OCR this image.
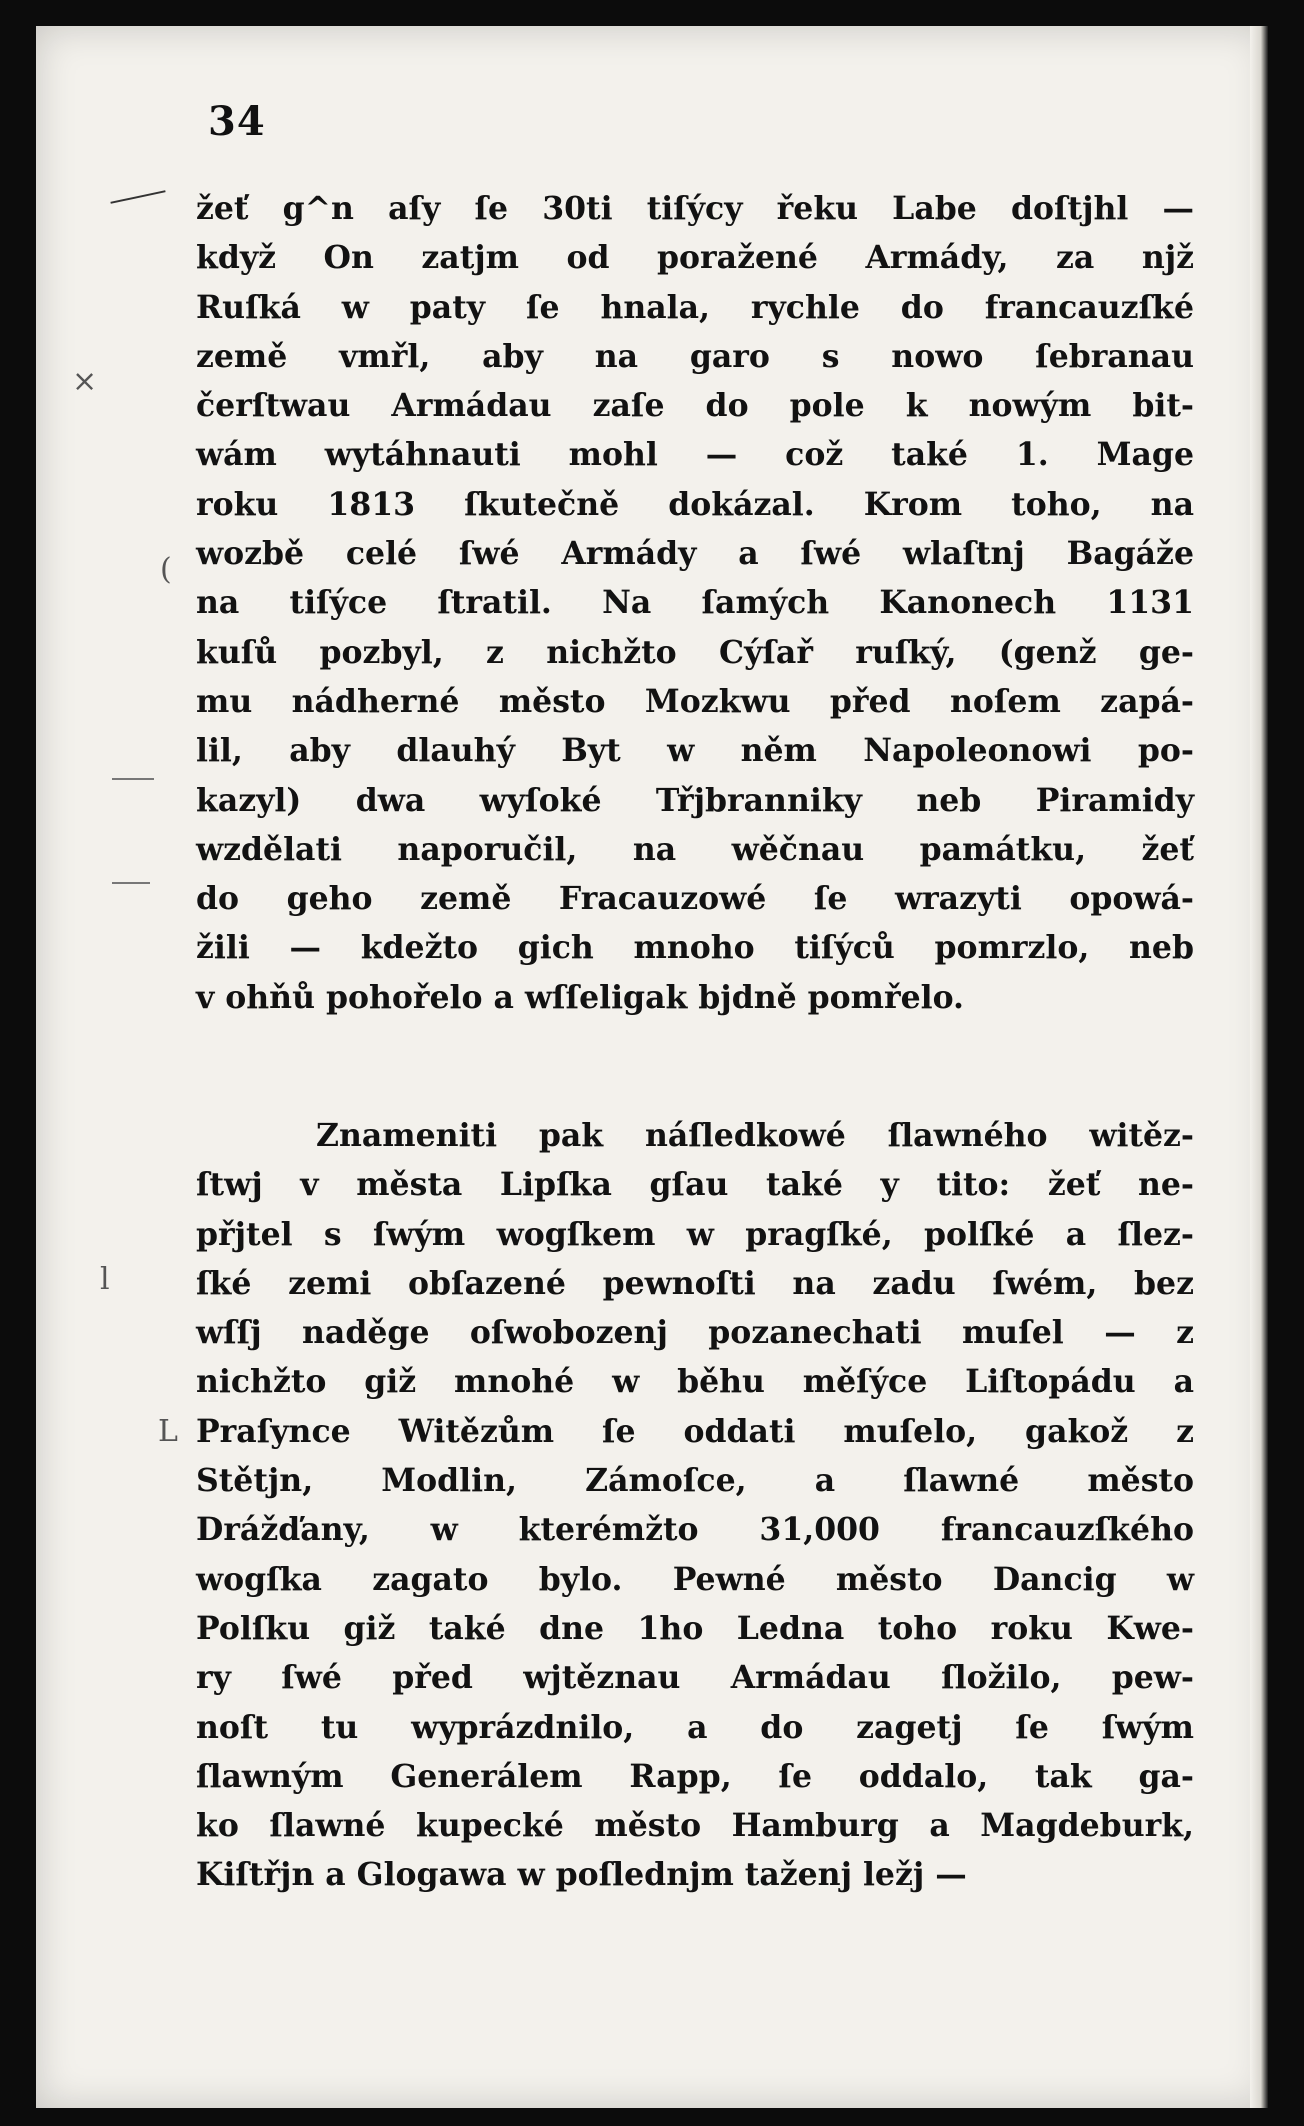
×
(
l
L
34

žeť g^n aſy ſe 30ti tiſýcy řeku Labe doſtjhl —
když On zatjm od poražené Armády, za njž
Ruſká w paty ſe hnala, rychle do francauzſké
země vmřl, aby na garo s nowo ſebranau
čerſtwau Armádau zaſe do pole k nowým bit-
wám wytáhnauti mohl — což také 1. Mage
roku 1813 ſkutečně dokázal. Krom toho, na
wozbě celé ſwé Armády a ſwé wlaſtnj Bagáže
na tiſýce ſtratil. Na ſamých Kanonech 1131
kuſů pozbyl, z nichžto Cýſař ruſký, (genž ge-
mu nádherné město Mozkwu před noſem zapá-
lil, aby dlauhý Byt w něm Napoleonowi po-
kazyl) dwa wyſoké Třjbranniky neb Piramidy
wzdělati naporučil, na wěčnau památku, žeť
do geho země Fracauzowé ſe wrazyti opowá-
žili — kdežto gich mnoho tiſýců pomrzlo, neb
v ohňů pohořelo a wſſeligak bjdně pomřelo.

Znameniti pak náſledkowé ſlawného witěz-
ſtwj v města Lipſka gſau také y tito: žeť ne-
přjtel s ſwým wogſkem w pragſké, polſké a ſlez-
ſké zemi obſazené pewnoſti na zadu ſwém, bez
wſſj naděge oſwobozenj pozanechati muſel — z
nichžto giž mnohé w běhu měſýce Liſtopádu a
Praſynce Witězům ſe oddati muſelo, gakož z
Stětjn, Modlin, Zámoſce, a ſlawné město
Drážďany, w kterémžto 31,000 francauzſkého
wogſka zagato bylo. Pewné město Dancig w
Polſku giž také dne 1ho Ledna toho roku Kwe-
ry ſwé před wjtěznau Armádau ſložilo, pew-
noſt tu wyprázdnilo, a do zagetj ſe ſwým
ſlawným Generálem Rapp, ſe oddalo, tak ga-
ko ſlawné kupecké město Hamburg a Magdeburk,
Kiſtřjn a Glogawa w poſlednjm taženj ležj —
